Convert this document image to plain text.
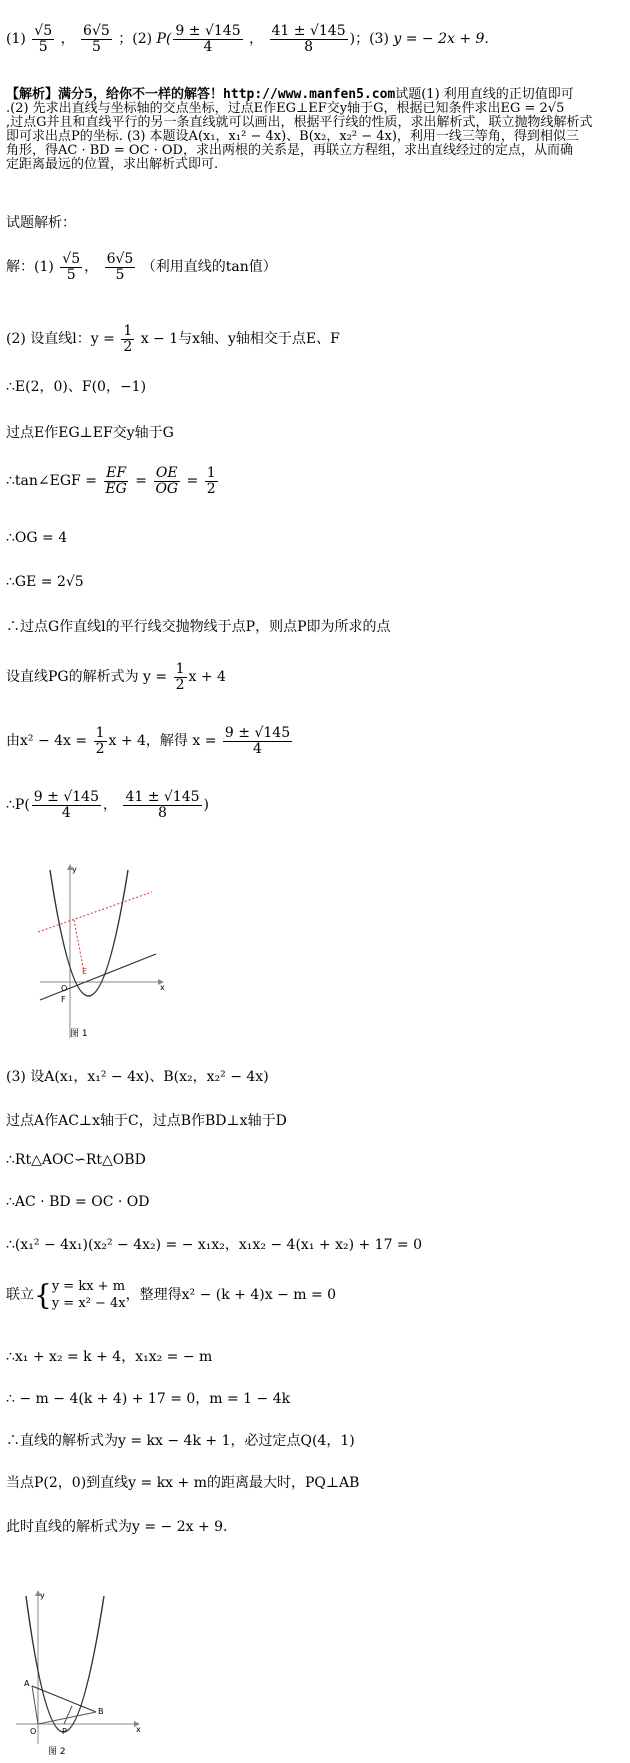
$(1) \frac{√5}{5}$ ， $\frac{6√5}{5}$ ；(2) $P( \frac{9 \pm √145}{4}$ ， $\frac{41 \pm √145}{8}$ )；(3) y = − 2x + 9.
【解析】满分5，给你不一样的解答！http://www.manfen5.com试题(1) 利用直线的正切值即可
.(2) 先求出直线与坐标轴的交点坐标，过点E作EG⊥EF交y轴于G，根据已知条件求出EG = 2√5
,过点G并且和直线平行的另一条直线就可以画出，根据平行线的性质，求出解析式，联立抛物线解析式
即可求出点P的坐标. (3) 本题设A(x₁，x₁² − 4x)、B(x₂，x₂² − 4x)，利用一线三等角，得到相似三
角形，得AC · BD = OC · OD，求出两根的关系是，再联立方程组，求出直线经过的定点，从而确
定距离最远的位置，求出解析式即可.
试题解析：
解：$(1) \frac{√5}{5}$ ， $\frac{6√5}{5}$ （利用直线的tan值）
(2) 设直线l：$y = \frac{1}{2}$ x − 1与x轴、y轴相交于点E、F
∴E(2，0)、F(0，−1)
过点E作EG⊥EF交y轴于G
∴tan∠EGF = $\frac{EF}{EG} = \frac{OE}{OG} = \frac{1}{2}$
∴OG = 4
∴GE = 2√5
∴过点G作直线l的平行线交抛物线于点P，则点P即为所求的点
设直线PG的解析式为 $y = \frac{1}{2}$ x + 4
由$x^2 - 4x = \frac{1}{2}$ x + 4，解得 $x = \frac{9 \pm √145}{4}$
∴P( $\frac{9 \pm √145}{4}$ ， $\frac{41 \pm √145}{8}$ )
y
x
O
E
F
图 1
(3) 设A(x₁，x₁² − 4x)、B(x₂，x₂² − 4x)
过点A作AC⊥x轴于C，过点B作BD⊥x轴于D
∴Rt△AOC∽Rt△OBD
∴AC · BD = OC · OD
∴(x₁² − 4x₁)(x₂² − 4x₂) = − x₁x₂，x₁x₂ − 4(x₁ + x₂) + 17 = 0
联立{ y = kx + m
y = x² − 4x
，整理得x² − (k + 4)x − m = 0
∴x₁ + x₂ = k + 4，x₁x₂ = − m
∴ − m − 4(k + 4) + 17 = 0，m = 1 − 4k
∴直线的解析式为y = kx − 4k + 1，必过定点Q(4，1)
当点P(2，0)到直线y = kx + m的距离最大时，PQ⊥AB
此时直线的解析式为y = − 2x + 9.
y
x
O
A
B
P
图 2
